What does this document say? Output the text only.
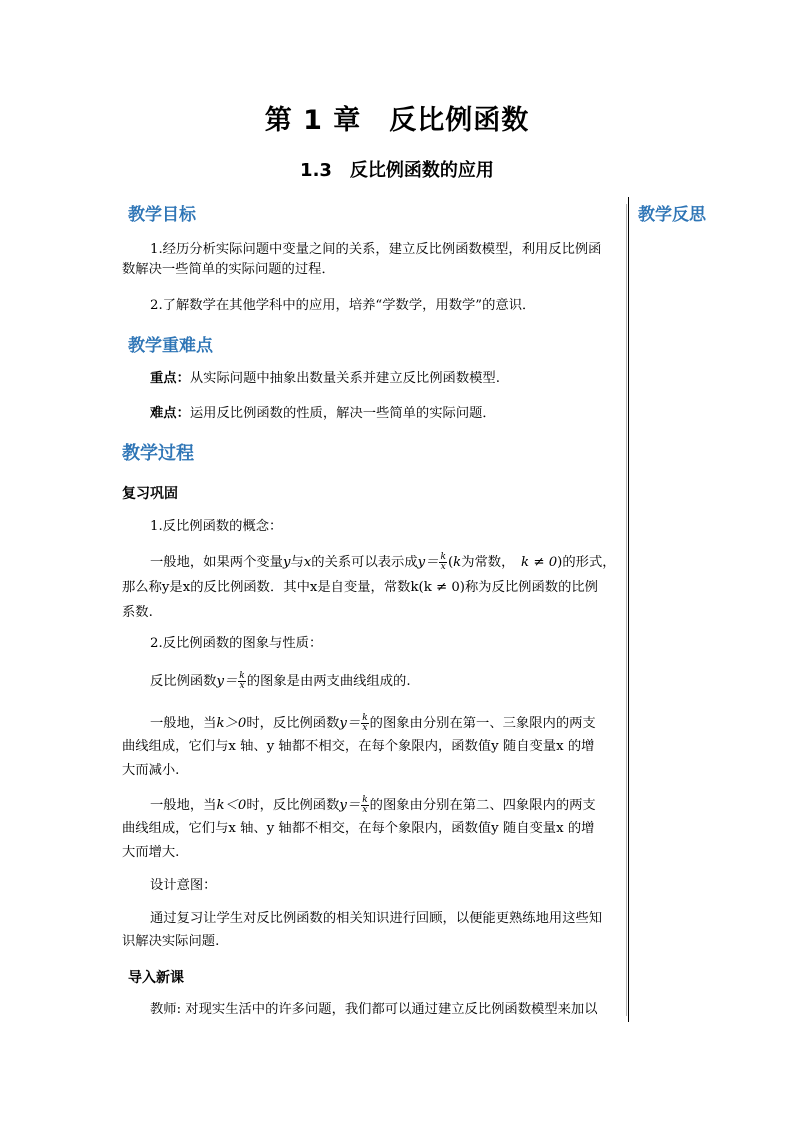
第 1 章　反比例函数
1.3　反比例函数的应用
教学反思
教学目标
1.经历分析实际问题中变量之间的关系，建立反比例函数模型，利用反比例函
数解决一些简单的实际问题的过程．
2.了解数学在其他学科中的应用，培养“学数学，用数学”的意识．
教学重难点
重点：从实际问题中抽象出数量关系并建立反比例函数模型.
难点：运用反比例函数的性质，解决一些简单的实际问题．
教学过程
复习巩固
1.反比例函数的概念：
一般地，如果两个变量y与x的关系可以表示成$y= \frac{k}{x} (k$为常数，　k ≠ 0)的形式，
那么称y是x的反比例函数．其中x是自变量，常数k(k ≠ 0)称为反比例函数的比例
系数.
2.反比例函数的图象与性质：
反比例函数$y= \frac{k}{x}$ 的图象是由两支曲线组成的.
一般地，当k＞0时，反比例函数$y= \frac{k}{x}$ 的图象由分别在第一、三象限内的两支
曲线组成，它们与x 轴、y 轴都不相交，在每个象限内，函数值y 随自变量x 的增
大而减小.
一般地，当k＜0时，反比例函数$y= \frac{k}{x}$ 的图象由分别在第二、四象限内的两支
曲线组成，它们与x 轴、y 轴都不相交，在每个象限内，函数值y 随自变量x 的增
大而增大.
设计意图：
通过复习让学生对反比例函数的相关知识进行回顾，以便能更熟练地用这些知
识解决实际问题.
导入新课
教师: 对现实生活中的许多问题，我们都可以通过建立反比例函数模型来加以
